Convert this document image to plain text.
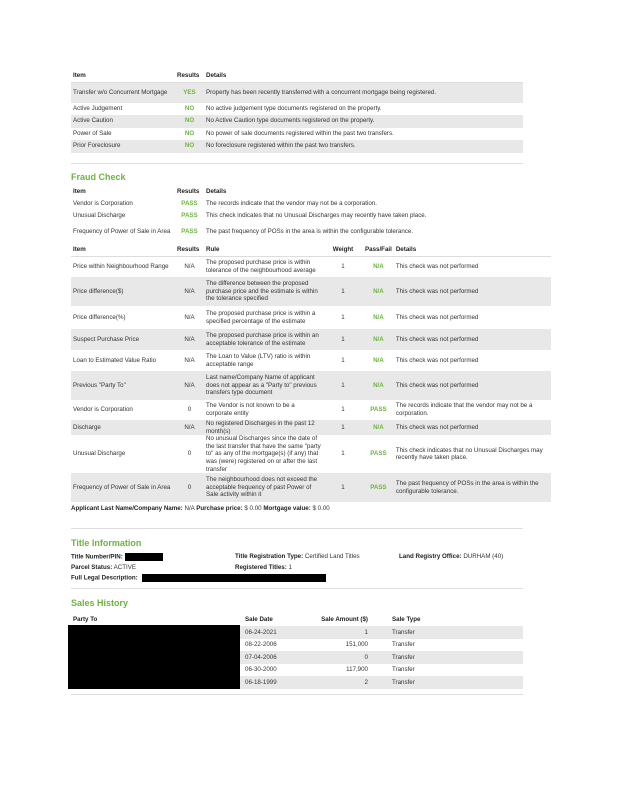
Item	Results	Details
Transfer w/o Concurrent Mortgage	YES	Property has been recently transferred with a concurrent mortgage being registered.
Active Judgement	NO	No active judgement type documents registered on the property.
Active Caution	NO	No Active Caution type documents registered on the property.
Power of Sale	NO	No power of sale documents registered within the past two transfers.
Prior Foreclosure	NO	No foreclosure registered within the past two transfers.
Fraud Check
Item	Results	Details
Vendor is Corporation	PASS	The records indicate that the vendor may not be a corporation.
Unusual Discharge	PASS	This check indicates that no Unusual Discharges may recently have taken place.
Frequency of Power of Sale in Area	PASS	The past frequency of POSs in the area is within the configurable tolerance.
Item	Results	Rule	Weight	Pass/Fail	Details
Price within Neighbourhood Range	N/A	The proposed purchase price is within tolerance of the neighbourhood average	1	N/A	This check was not performed
Price difference($)	N/A	The difference between the proposed purchase price and the estimate is within the tolerance specified	1	N/A	This check was not performed
Price difference(%)	N/A	The proposed purchase price is within a specified percentage of the estimate	1	N/A	This check was not performed
Suspect Purchase Price	N/A	The proposed purchase price is within an acceptable tolerance of the estimate	1	N/A	This check was not performed
Loan to Estimated Value Ratio	N/A	The Loan to Value (LTV) ratio is within acceptable range	1	N/A	This check was not performed
Previous "Party To"	N/A	Last name/Company Name of applicant does not appear as a "Party to" previous transfers type document	1	N/A	This check was not performed
Vendor is Corporation	0	The Vendor is not known to be a corporate entity	1	PASS	The records indicate that the vendor may not be a corporation.
Discharge	N/A	No registered Discharges in the past 12 month(s)	1	N/A	This check was not performed
Unusual Discharge	0	No unusual Discharges since the date of the last transfer that have the same "party to" as any of the mortgage(s) (if any) that was (were) registered on or after the last transfer	1	PASS	This check indicates that no Unusual Discharges may recently have taken place.
Frequency of Power of Sale in Area	0	The neighbourhood does not exceed the acceptable frequency of past Power of Sale activity within it	1	PASS	The past frequency of POSs in the area is within the configurable tolerance.
Applicant Last Name/Company Name: N/A Purchase price: $ 0.00 Mortgage value: $ 0.00
Title Information
Title Number/PIN:	Title Registration Type: Certified Land Titles	Land Registry Office: DURHAM (40)
Parcel Status: ACTIVE	Registered Titles: 1
Full Legal Description:
Sales History
Party To	Sale Date	Sale Amount ($)		Sale Type
	06-24-2021	1		Transfer
	08-22-2006	151,000		Transfer
	07-04-2006	0		Transfer
	06-30-2000	117,900		Transfer
	06-18-1999	2		Transfer
